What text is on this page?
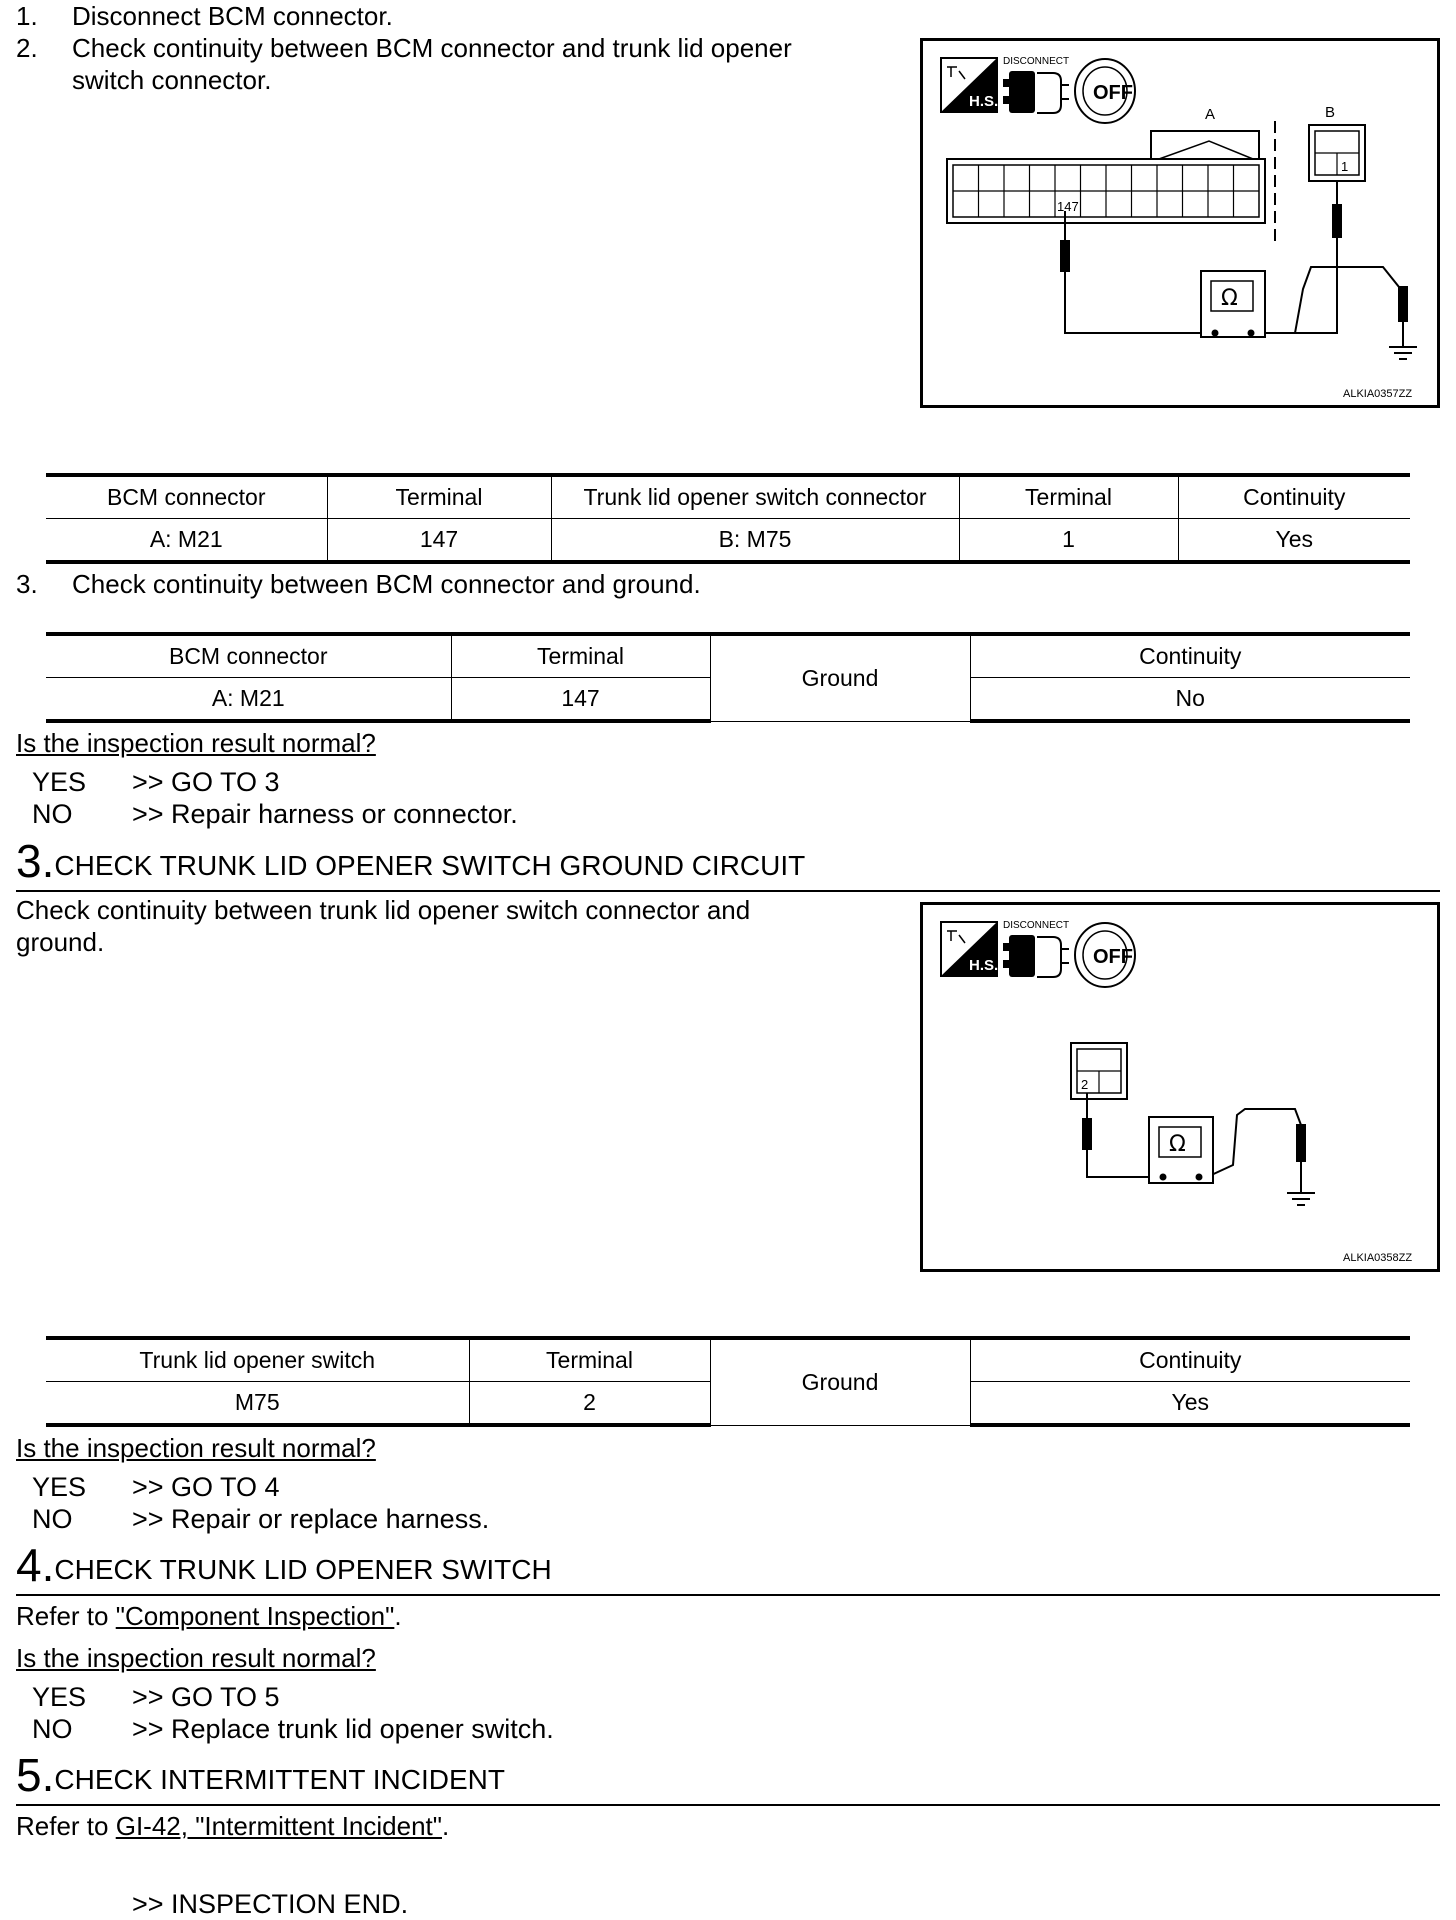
1. Disconnect BCM connector.
2. Check continuity between BCM connector and trunk lid opener
switch connector.
H.S.
DISCONNECT
OFF
A
147
B
1
Ω
ALKIA0357ZZ
BCM connector	Terminal	Trunk lid opener switch connector	Terminal	Continuity
A: M21	147	B: M75	1	Yes
3. Check continuity between BCM connector and ground.
BCM connector	Terminal	Ground	Continuity
A: M21	147		No
Is the inspection result normal?
YES >> GO TO 3
NO >> Repair harness or connector.
3.CHECK TRUNK LID OPENER SWITCH GROUND CIRCUIT
Check continuity between trunk lid opener switch connector and
ground.
H.S.
DISCONNECT
OFF
2
Ω
ALKIA0358ZZ
Trunk lid opener switch	Terminal	Ground	Continuity
M75	2		Yes
Is the inspection result normal?
YES >> GO TO 4
NO >> Repair or replace harness.
4.CHECK TRUNK LID OPENER SWITCH
Refer to "Component Inspection".
Is the inspection result normal?
YES >> GO TO 5
NO >> Replace trunk lid opener switch.
5.CHECK INTERMITTENT INCIDENT
Refer to GI-42, "Intermittent Incident".
>> INSPECTION END.
